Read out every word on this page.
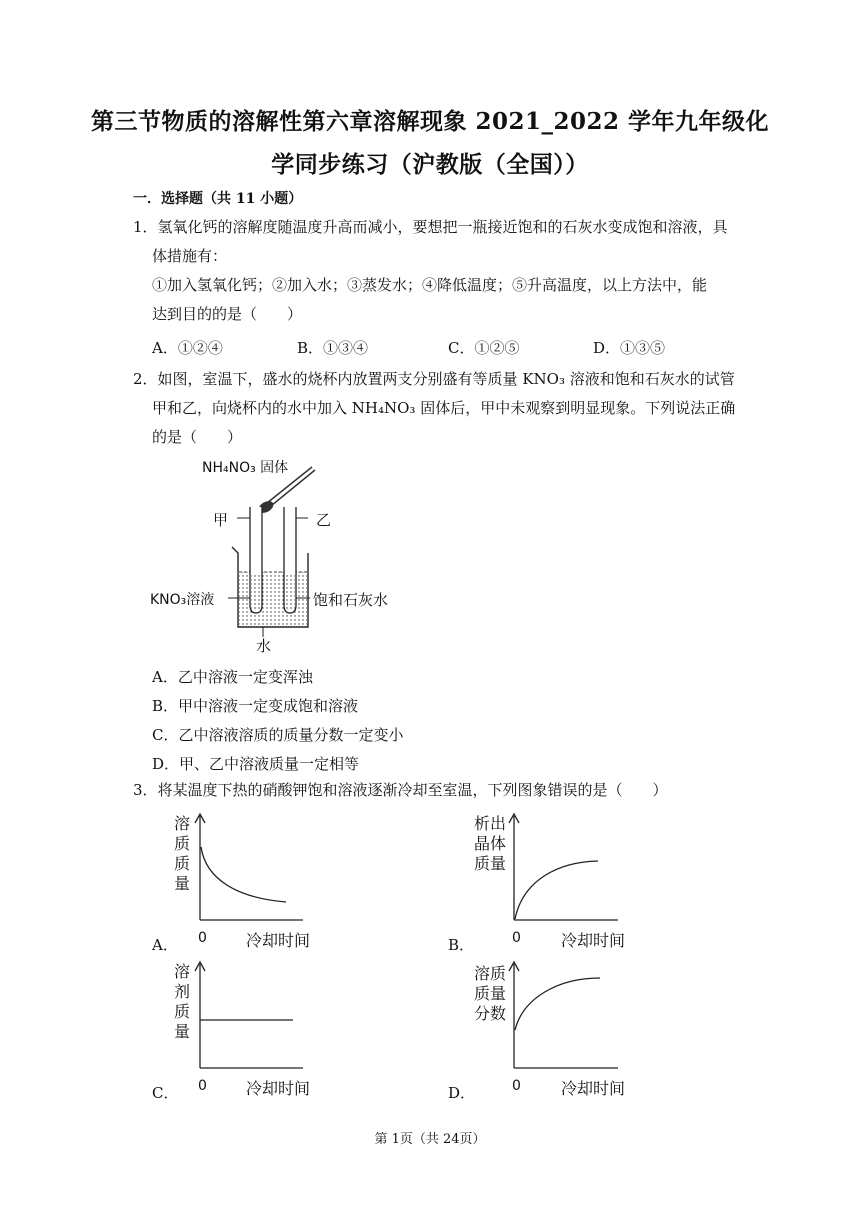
第三节物质的溶解性第六章溶解现象 2021_2022 学年九年级化
学同步练习（沪教版（全国））
一．选择题（共 11 小题）
1．氢氧化钙的溶解度随温度升高而减小，要想把一瓶接近饱和的石灰水变成饱和溶液，具
体措施有：
①加入氢氧化钙；②加入水；③蒸发水；④降低温度；⑤升高温度，以上方法中，能
达到目的的是（　　）
A．①②④	B．①③④	C．①②⑤	D．①③⑤
2．如图，室温下，盛水的烧杯内放置两支分别盛有等质量 KNO₃ 溶液和饱和石灰水的试管
甲和乙，向烧杯内的水中加入 NH₄NO₃ 固体后，甲中未观察到明显现象。下列说法正确
的是（　　）
NH₄NO₃ 固体
甲	乙
KNO₃溶液	饱和石灰水
水
A．乙中溶液一定变浑浊
B．甲中溶液一定变成饱和溶液
C．乙中溶液溶质的质量分数一定变小
D．甲、乙中溶液质量一定相等
3．将某温度下热的硝酸钾饱和溶液逐渐冷却至室温，下列图象错误的是（　　）
溶
质
质
量
A． 0 冷却时间
析出
晶体
质量
B．	0	冷却时间
溶
剂
质
量
C． 0 冷却时间
溶质
质量
分数
D．	0	冷却时间
第 1页（共 24页）
